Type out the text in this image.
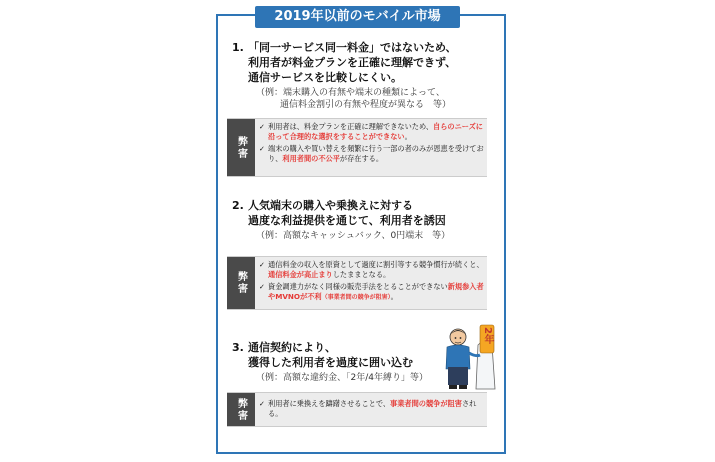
2019年以前のモバイル市場
1. 「同一サービス同一料金」ではないため、
利用者が料金プランを正確に理解できず、
通信サービスを比較しにくい。
（例：端末購入の有無や端末の種類によって、
通信料金割引の有無や程度が異なる　等）
弊害
✓ 利用者は、料金プランを正確に理解できないため、自らのニーズに沿って合理的な選択をすることができない。
✓ 端末の購入や買い替えを頻繁に行う一部の者のみが恩恵を受けており、利用者間の不公平が存在する。
2. 人気端末の購入や乗換えに対する
過度な利益提供を通じて、利用者を誘因
（例：高額なキャッシュバック、0円端末　等）
弊害
✓ 通信料金の収入を原資として過度に割引等する競争慣行が続くと、通信料金が高止まりしたままとなる。
✓ 資金調達力がなく同様の販売手法をとることができない新規参入者やMVNOが不利（事業者間の競争が阻害）。
3. 通信契約により、
獲得した利用者を過度に囲い込む
（例：高額な違約金、「2年/4年縛り」等）
弊害	✓ 利用者に乗換えを躊躇させることで、事業者間の競争が阻害される。
2年
